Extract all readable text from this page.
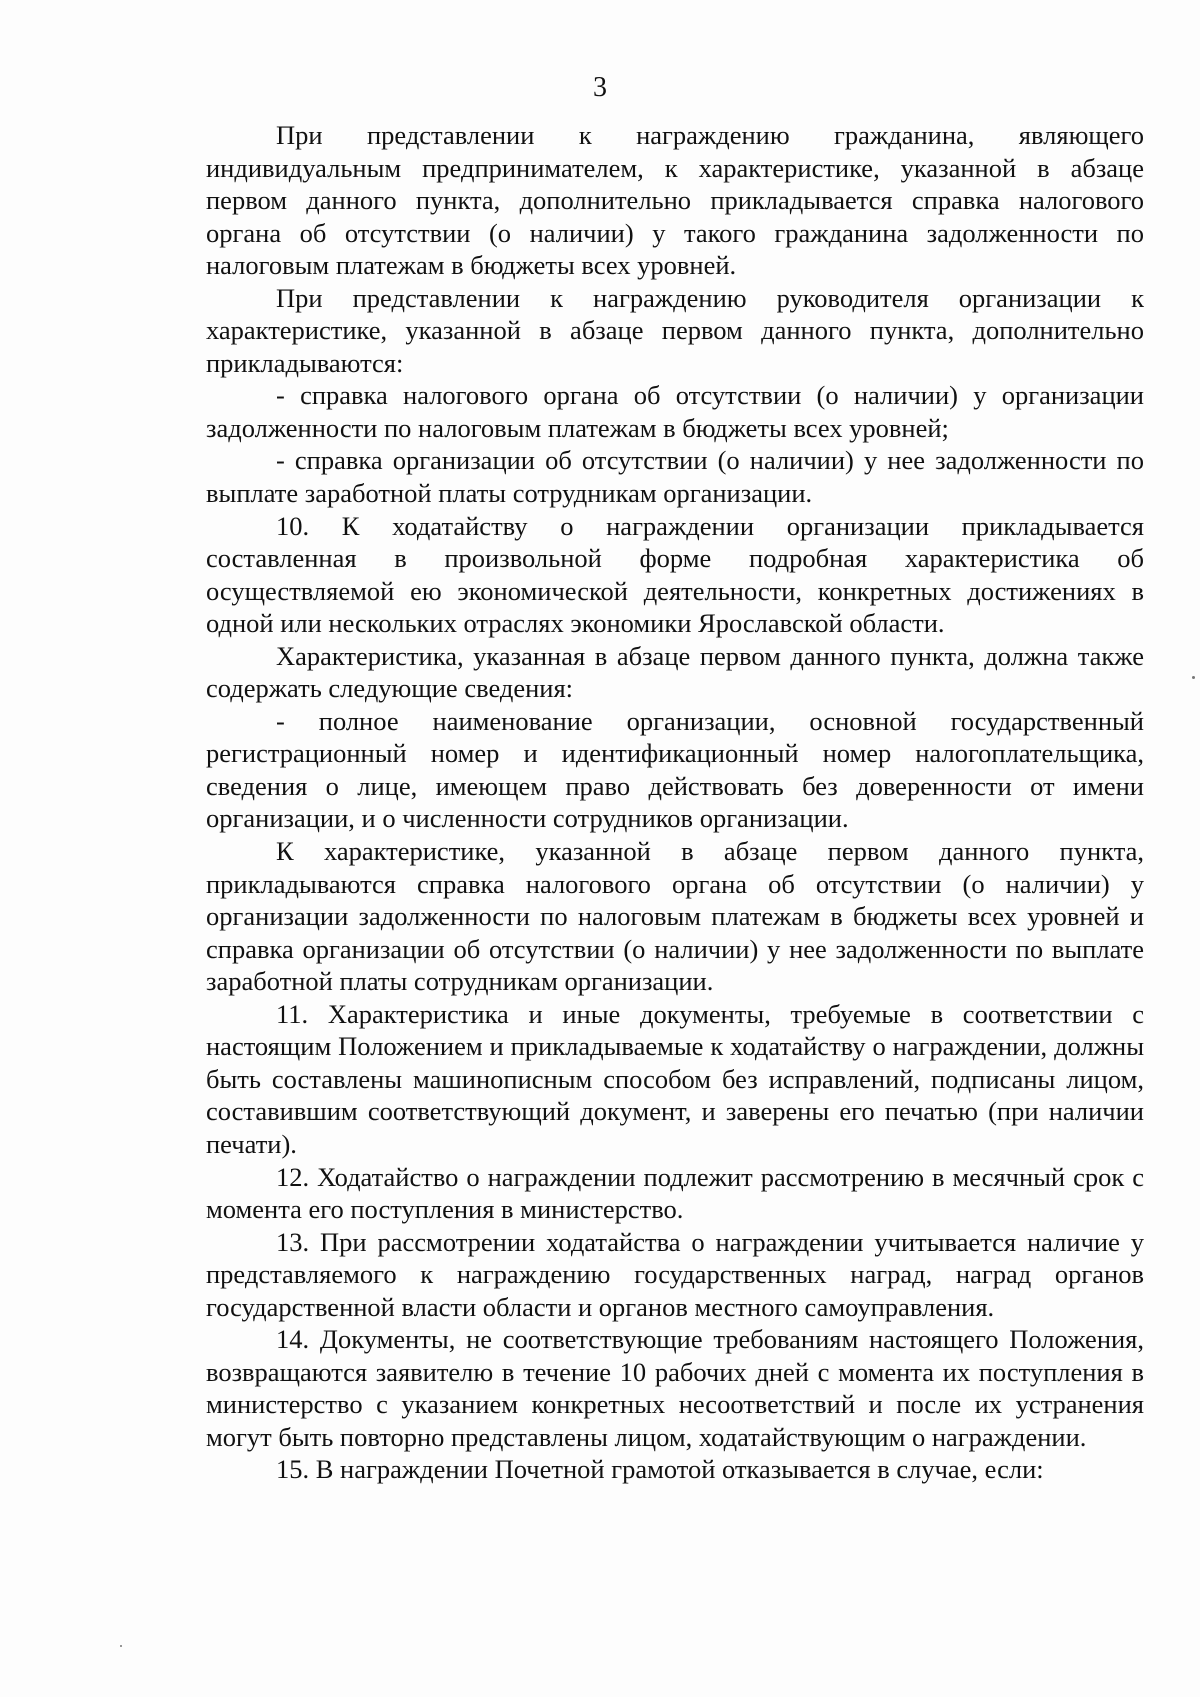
3

При представлении к награждению гражданина, являющего индивидуальным предпринимателем, к характеристике, указанной в абзаце первом данного пункта, дополнительно прикладывается справка налогового органа об отсутствии (о наличии) у такого гражданина задолженности по налоговым платежам в бюджеты всех уровней.

При представлении к награждению руководителя организации к характеристике, указанной в абзаце первом данного пункта, дополнительно прикладываются:

- справка налогового органа об отсутствии (о наличии) у организации задолженности по налоговым платежам в бюджеты всех уровней;

- справка организации об отсутствии (о наличии) у нее задолженности по выплате заработной платы сотрудникам организации.

10. К ходатайству о награждении организации прикладывается составленная в произвольной форме подробная характеристика об осуществляемой ею экономической деятельности, конкретных достижениях в одной или нескольких отраслях экономики Ярославской области.

Характеристика, указанная в абзаце первом данного пункта, должна также содержать следующие сведения:

- полное наименование организации, основной государственный регистрационный номер и идентификационный номер налогоплательщика, сведения о лице, имеющем право действовать без доверенности от имени организации, и о численности сотрудников организации.

К характеристике, указанной в абзаце первом данного пункта, прикладываются справка налогового органа об отсутствии (о наличии) у организации задолженности по налоговым платежам в бюджеты всех уровней и справка организации об отсутствии (о наличии) у нее задолженности по выплате заработной платы сотрудникам организации.

11. Характеристика и иные документы, требуемые в соответствии с настоящим Положением и прикладываемые к ходатайству о награждении, должны быть составлены машинописным способом без исправлений, подписаны лицом, составившим соответствующий документ, и заверены его печатью (при наличии печати).

12. Ходатайство о награждении подлежит рассмотрению в месячный срок с момента его поступления в министерство.

13. При рассмотрении ходатайства о награждении учитывается наличие у представляемого к награждению государственных наград, наград органов государственной власти области и органов местного самоуправления.

14. Документы, не соответствующие требованиям настоящего Положения, возвращаются заявителю в течение 10 рабочих дней с момента их поступления в министерство с указанием конкретных несоответствий и после их устранения могут быть повторно представлены лицом, ходатайствующим о награждении.

15. В награждении Почетной грамотой отказывается в случае, если:
